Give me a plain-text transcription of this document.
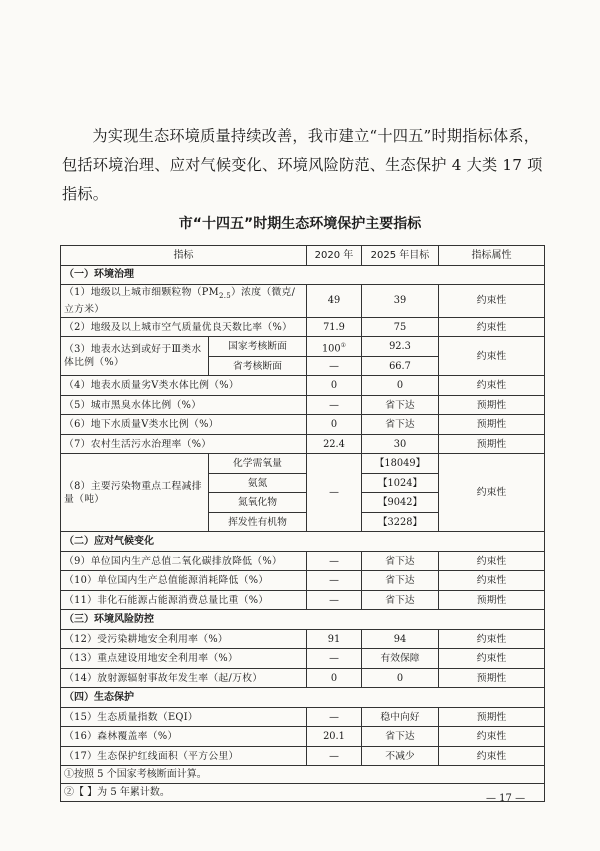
为实现生态环境质量持续改善，我市建立“十四五”时期指标体系，包括环境治理、应对气候变化、环境风险防范、生态保护 4 大类 17 项指标。

市“十四五”时期生态环境保护主要指标
指标		2020 年	2025 年目标	指标属性
（一）环境治理				
（1）地级以上城市细颗粒物$(PM_{2.5})$浓度（微克/立方米）		49	39	约束性
（2）地级及以上城市空气质量优良天数比率（%）		71.9	75	约束性
（3）地表水达到或好于Ⅲ类水体比例（%）	国家考核断面	100①	92.3	约束性
	省考核断面	—	66.7	
（4）地表水质量劣Ⅴ类水体比例（%）		0	0	约束性
（5）城市黑臭水体比例（%）		—	省下达	预期性
（6）地下水质量Ⅴ类水比例（%）		0	省下达	预期性
（7）农村生活污水治理率（%）		22.4	30	预期性
（8）主要污染物重点工程减排量（吨）	化学需氧量	—	【18049】	约束性
	氨氮		【1024】	
	氮氧化物		【9042】	
	挥发性有机物		【3228】	
（二）应对气候变化				
（9）单位国内生产总值二氧化碳排放降低（%）		—	省下达	约束性
（10）单位国内生产总值能源消耗降低（%）		—	省下达	约束性
（11）非化石能源占能源消费总量比重（%）		—	省下达	预期性
（三）环境风险防控				
（12）受污染耕地安全利用率（%）		91	94	约束性
（13）重点建设用地安全利用率（%）		—	有效保障	约束性
（14）放射源辐射事故年发生率（起/万枚）		0	0	预期性
（四）生态保护				
（15）生态质量指数（EQI）		—	稳中向好	预期性
（16）森林覆盖率（%）		20.1	省下达	约束性
（17）生态保护红线面积（平方公里）		—	不减少	约束性
①按照 5 个国家考核断面计算。				
②【 】为 5 年累计数。				
— 17 —
